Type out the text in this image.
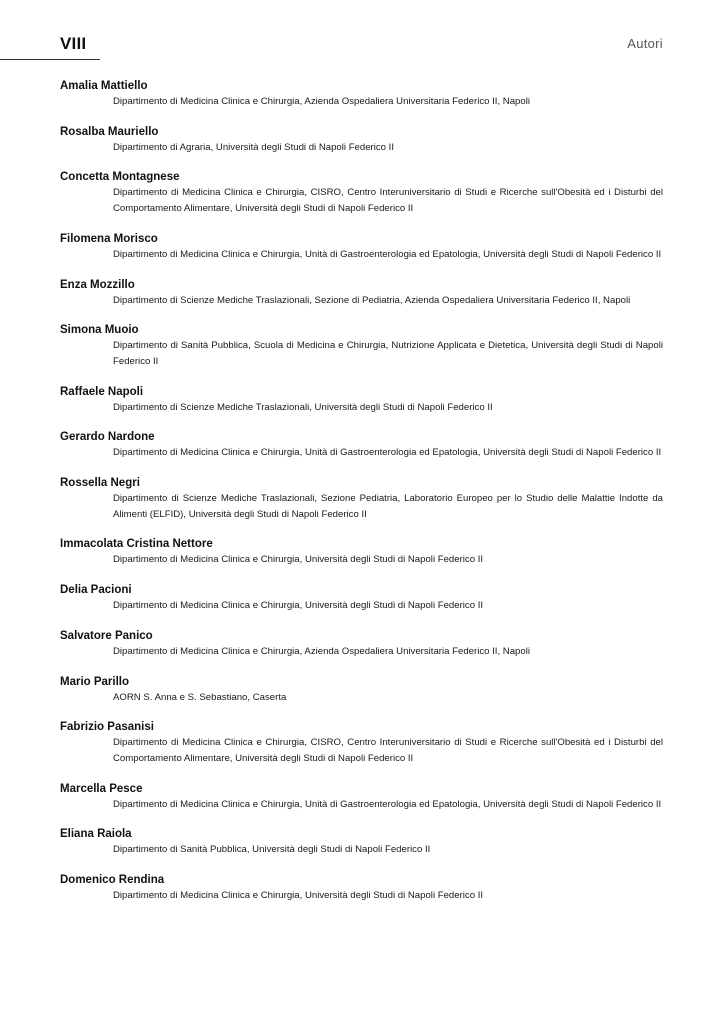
VIII	Autori
Amalia Mattiello
Dipartimento di Medicina Clinica e Chirurgia, Azienda Ospedaliera Universitaria Federico II, Napoli
Rosalba Mauriello
Dipartimento di Agraria, Università degli Studi di Napoli Federico II
Concetta Montagnese
Dipartimento di Medicina Clinica e Chirurgia, CISRO, Centro Interuniversitario di Studi e Ricerche sull'Obesità ed i Disturbi del Comportamento Alimentare, Università degli Studi di Napoli Federico II
Filomena Morisco
Dipartimento di Medicina Clinica e Chirurgia, Unità di Gastroenterologia ed Epatologia, Università degli Studi di Napoli Federico II
Enza Mozzillo
Dipartimento di Scienze Mediche Traslazionali, Sezione di Pediatria, Azienda Ospedaliera Universitaria Federico II, Napoli
Simona Muoio
Dipartimento di Sanità Pubblica, Scuola di Medicina e Chirurgia, Nutrizione Applicata e Dietetica, Università degli Studi di Napoli Federico II
Raffaele Napoli
Dipartimento di Scienze Mediche Traslazionali, Università degli Studi di Napoli Federico II
Gerardo Nardone
Dipartimento di Medicina Clinica e Chirurgia, Unità di Gastroenterologia ed Epatologia, Università degli Studi di Napoli Federico II
Rossella Negri
Dipartimento di Scienze Mediche Traslazionali, Sezione Pediatria, Laboratorio Europeo per lo Studio delle Malattie Indotte da Alimenti (ELFID), Università degli Studi di Napoli Federico II
Immacolata Cristina Nettore
Dipartimento di Medicina Clinica e Chirurgia, Università degli Studi di Napoli Federico II
Delia Pacioni
Dipartimento di Medicina Clinica e Chirurgia, Università degli Studi di Napoli Federico II
Salvatore Panico
Dipartimento di Medicina Clinica e Chirurgia, Azienda Ospedaliera Universitaria Federico II, Napoli
Mario Parillo
AORN S. Anna e S. Sebastiano, Caserta
Fabrizio Pasanisi
Dipartimento di Medicina Clinica e Chirurgia, CISRO, Centro Interuniversitario di Studi e Ricerche sull'Obesità ed i Disturbi del Comportamento Alimentare, Università degli Studi di Napoli Federico II
Marcella Pesce
Dipartimento di Medicina Clinica e Chirurgia, Unità di Gastroenterologia ed Epatologia, Università degli Studi di Napoli Federico II
Eliana Raiola
Dipartimento di Sanità Pubblica, Università degli Studi di Napoli Federico II
Domenico Rendina
Dipartimento di Medicina Clinica e Chirurgia, Università degli Studi di Napoli Federico II
